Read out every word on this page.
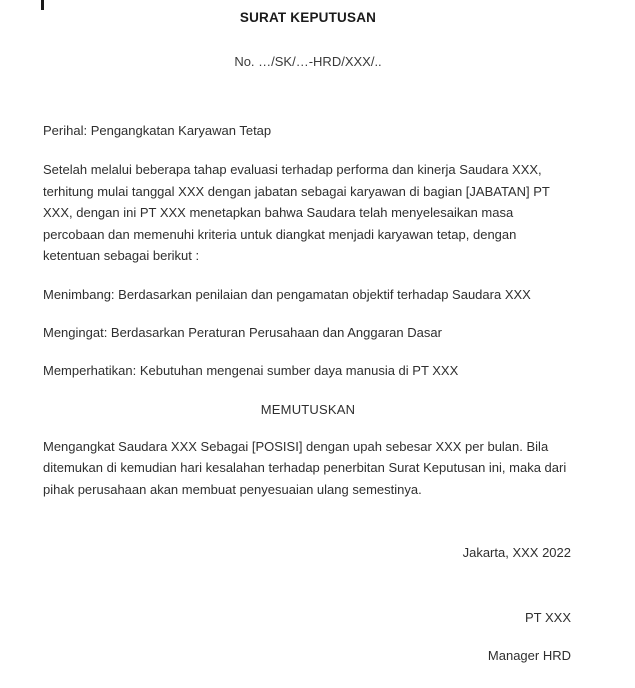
SURAT KEPUTUSAN

No. …/SK/…-HRD/XXX/..

Perihal: Pengangkatan Karyawan Tetap

Setelah melalui beberapa tahap evaluasi terhadap performa dan kinerja Saudara XXX, terhitung mulai tanggal XXX dengan jabatan sebagai karyawan di bagian [JABATAN] PT XXX, dengan ini PT XXX menetapkan bahwa Saudara telah menyelesaikan masa percobaan dan memenuhi kriteria untuk diangkat menjadi karyawan tetap, dengan ketentuan sebagai berikut :

Menimbang: Berdasarkan penilaian dan pengamatan objektif terhadap Saudara XXX

Mengingat: Berdasarkan Peraturan Perusahaan dan Anggaran Dasar

Memperhatikan: Kebutuhan mengenai sumber daya manusia di PT XXX

MEMUTUSKAN

Mengangkat Saudara XXX Sebagai [POSISI] dengan upah sebesar XXX per bulan. Bila ditemukan di kemudian hari kesalahan terhadap penerbitan Surat Keputusan ini, maka dari pihak perusahaan akan membuat penyesuaian ulang semestinya.

Jakarta, XXX 2022
PT XXX
Manager HRD
